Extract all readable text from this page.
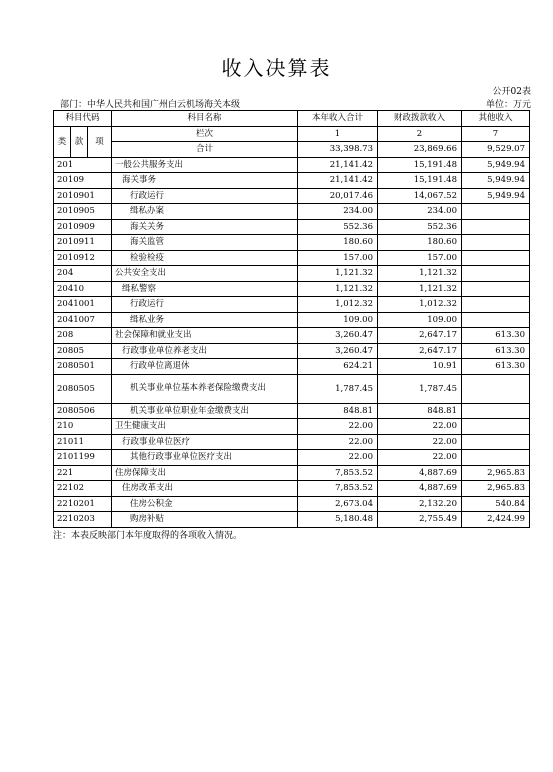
收入决算表
公开02表
部门：中华人民共和国广州白云机场海关本级	单位：万元
科目代码			科目名称	本年收入合计	财政拨款收入	其他收入
类	款	项	栏次	1	2	7
			合计	33,398.73	23,869.66	9,529.07
201			一般公共服务支出	21,141.42	15,191.48	5,949.94
20109			海关事务	21,141.42	15,191.48	5,949.94
2010901			行政运行	20,017.46	14,067.52	5,949.94
2010905			缉私办案	234.00	234.00	
2010909			海关关务	552.36	552.36	
2010911			海关监管	180.60	180.60	
2010912			检验检疫	157.00	157.00	
204			公共安全支出	1,121.32	1,121.32	
20410			缉私警察	1,121.32	1,121.32	
2041001			行政运行	1,012.32	1,012.32	
2041007			缉私业务	109.00	109.00	
208			社会保障和就业支出	3,260.47	2,647.17	613.30
20805			行政事业单位养老支出	3,260.47	2,647.17	613.30
2080501			行政单位离退休	624.21	10.91	613.30
2080505			机关事业单位基本养老保险缴费支出	1,787.45	1,787.45	
2080506			机关事业单位职业年金缴费支出	848.81	848.81	
210			卫生健康支出	22.00	22.00	
21011			行政事业单位医疗	22.00	22.00	
2101199			其他行政事业单位医疗支出	22.00	22.00	
221			住房保障支出	7,853.52	4,887.69	2,965.83
22102			住房改革支出	7,853.52	4,887.69	2,965.83
2210201			住房公积金	2,673.04	2,132.20	540.84
2210203			购房补贴	5,180.48	2,755.49	2,424.99
注：本表反映部门本年度取得的各项收入情况。
